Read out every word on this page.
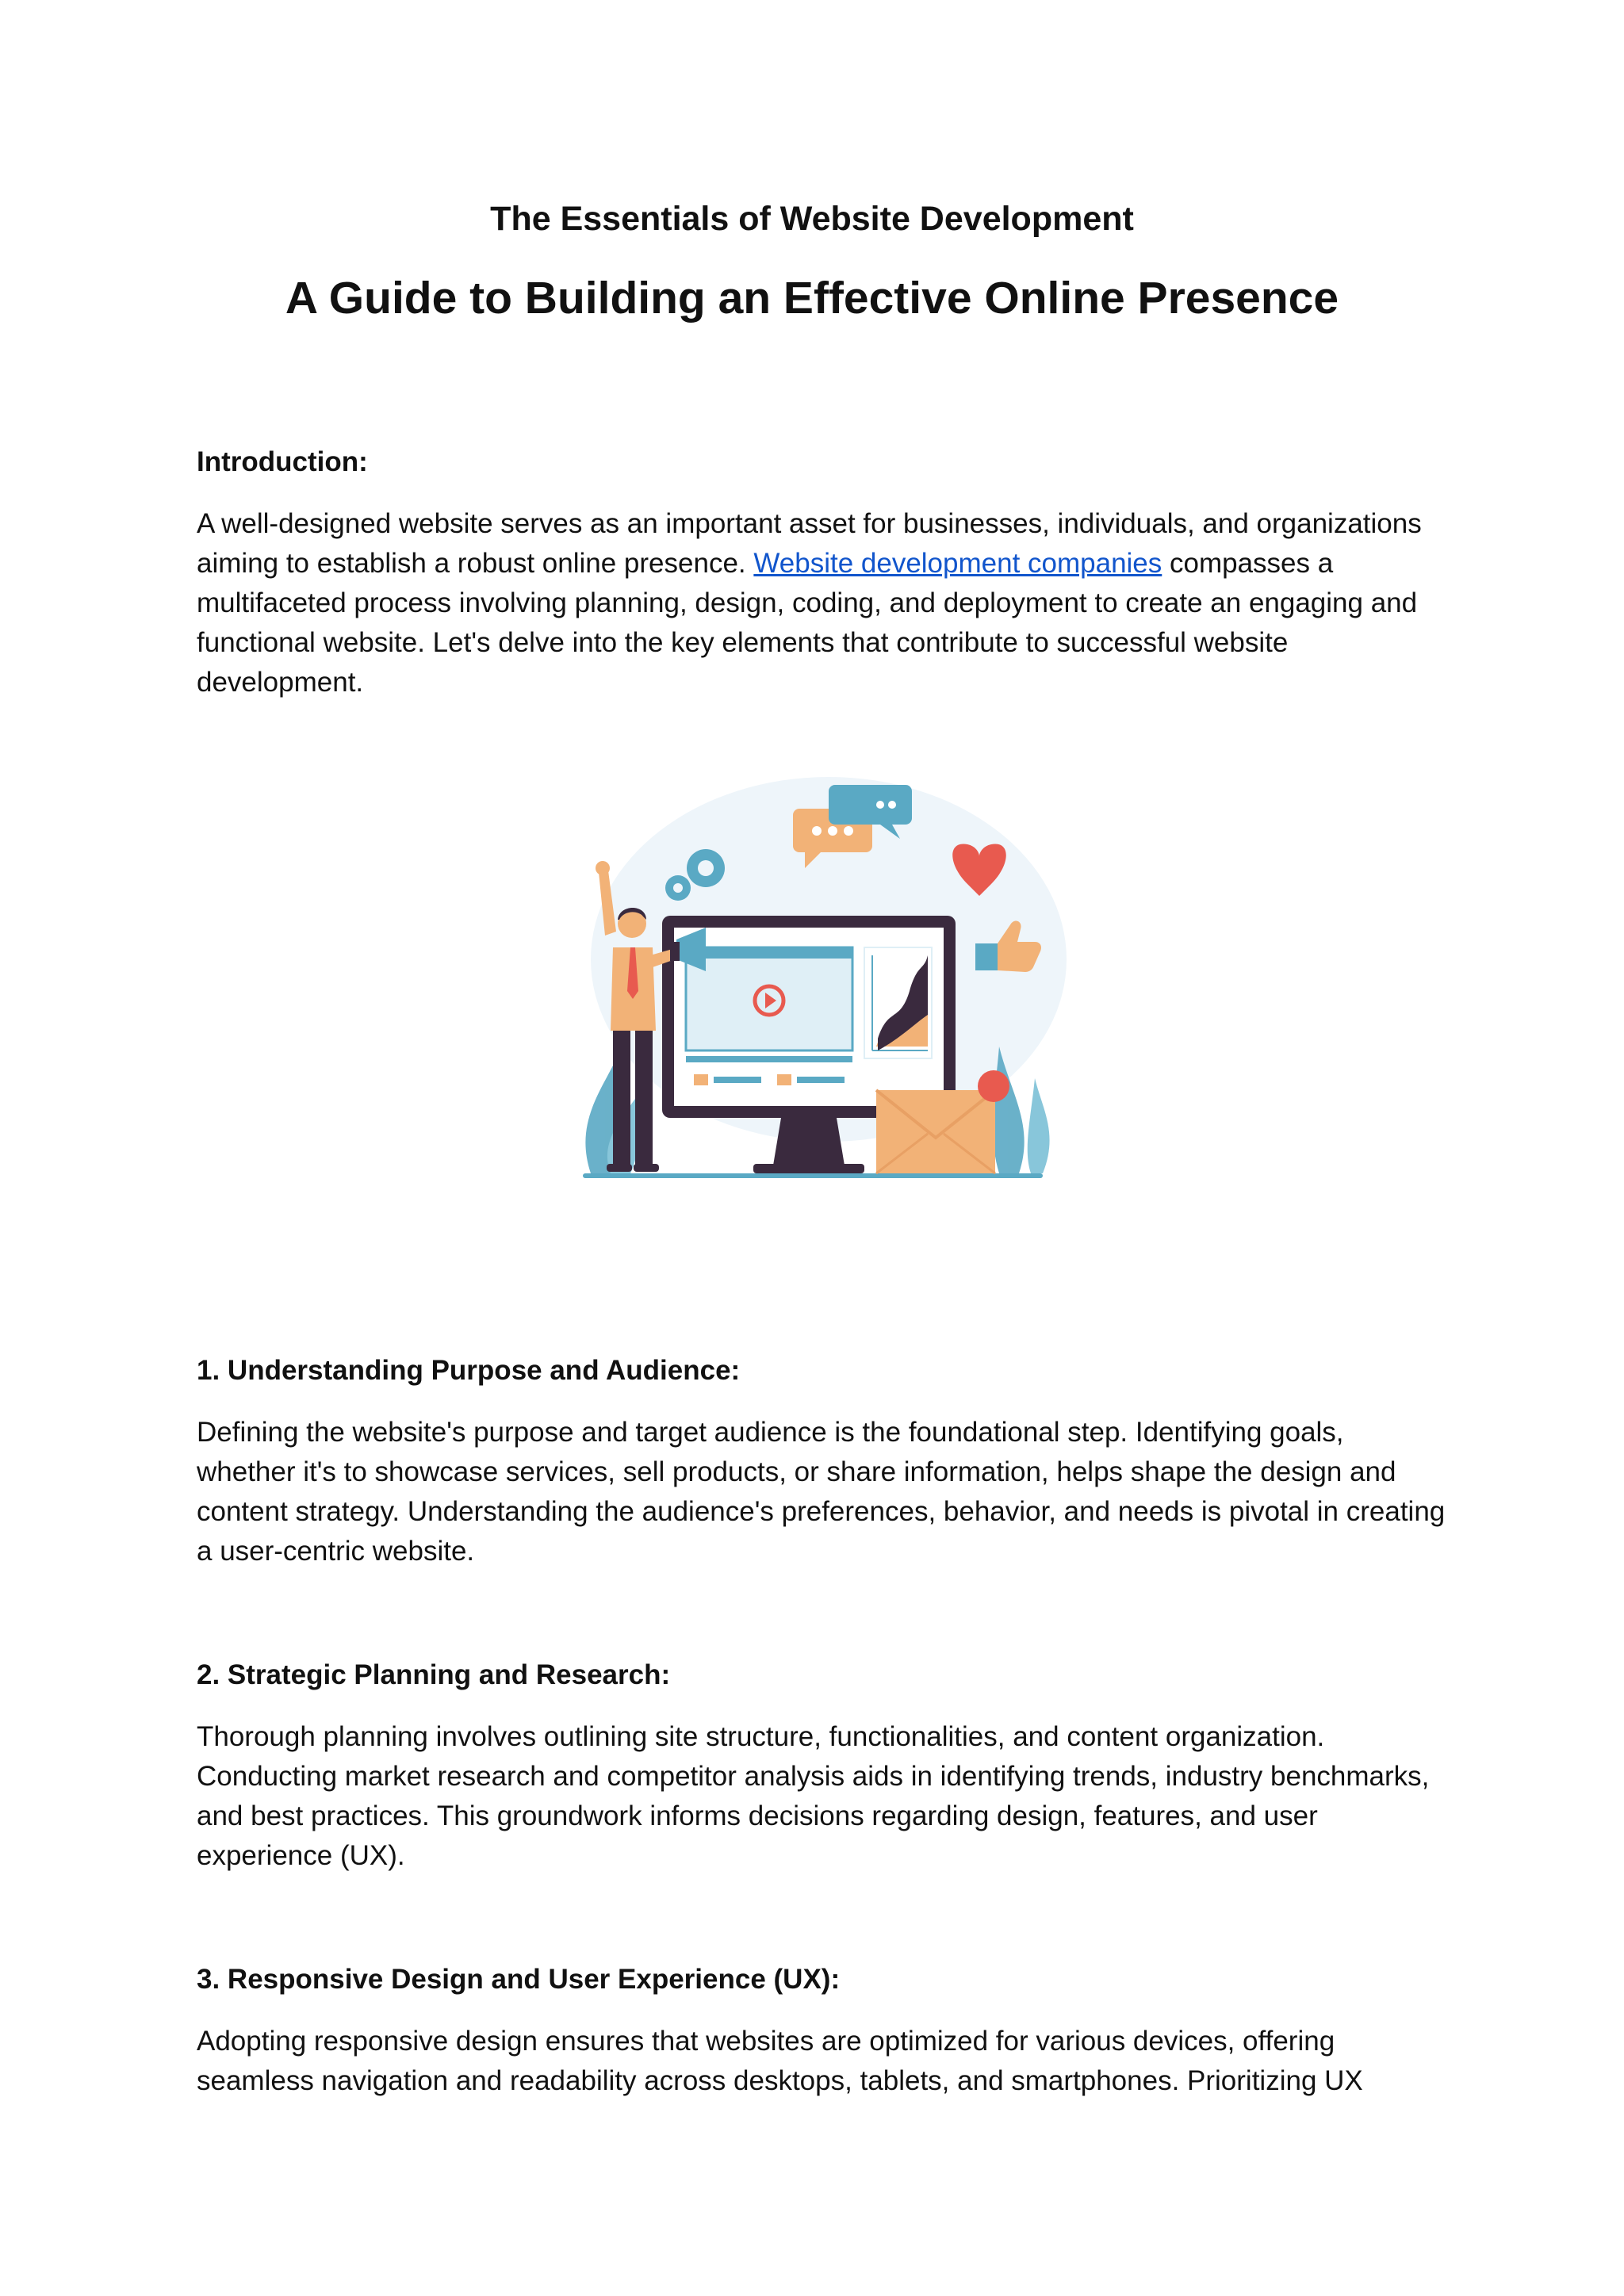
The Essentials of Website Development
A Guide to Building an Effective Online Presence

Introduction:

A well-designed website serves as an important asset for businesses, individuals, and organizations aiming to establish a robust online presence. Website development companies compasses a multifaceted process involving planning, design, coding, and deployment to create an engaging and functional website. Let's delve into the key elements that contribute to successful website development.

1. Understanding Purpose and Audience:

Defining the website's purpose and target audience is the foundational step. Identifying goals, whether it's to showcase services, sell products, or share information, helps shape the design and content strategy. Understanding the audience's preferences, behavior, and needs is pivotal in creating a user-centric website.

2. Strategic Planning and Research:

Thorough planning involves outlining site structure, functionalities, and content organization. Conducting market research and competitor analysis aids in identifying trends, industry benchmarks, and best practices. This groundwork informs decisions regarding design, features, and user experience (UX).

3. Responsive Design and User Experience (UX):

Adopting responsive design ensures that websites are optimized for various devices, offering seamless navigation and readability across desktops, tablets, and smartphones. Prioritizing UX
